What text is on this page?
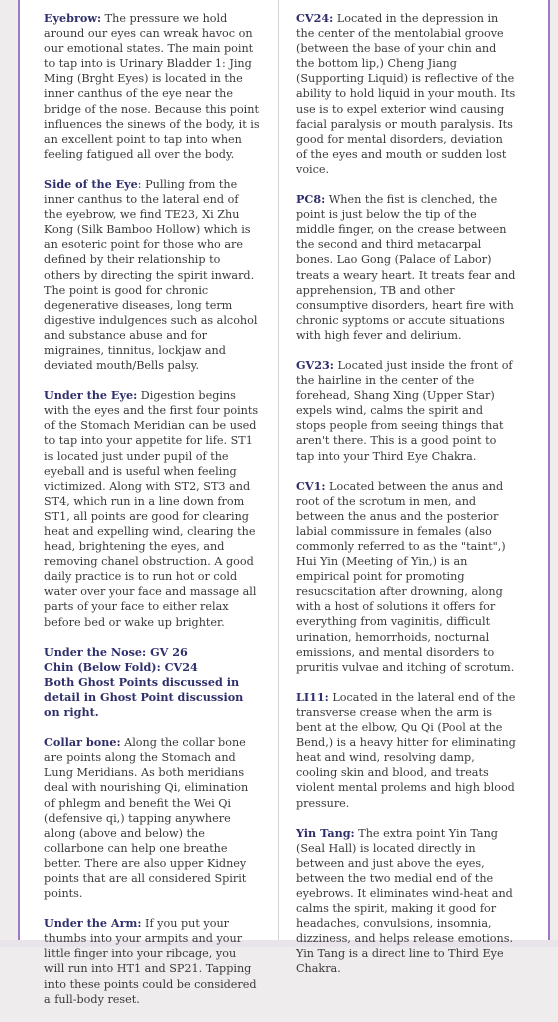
Eyebrow: The pressure we hold around our eyes can wreak havoc on our emotional states. The main point to tap into is Urinary Bladder 1: Jing Ming (Brght Eyes) is located in the inner canthus of the eye near the bridge of the nose. Because this point influences the sinews of the body, it is an excellent point to tap into when feeling fatigued all over the body.

Side of the Eye: Pulling from the inner canthus to the lateral end of the eyebrow, we find TE23, Xi Zhu Kong (Silk Bamboo Hollow) which is an esoteric point for those who are defined by their relationship to others by directing the spirit inward. The point is good for chronic degenerative diseases, long term digestive indulgences such as alcohol and substance abuse and for migraines, tinnitus, lockjaw and deviated mouth/Bells palsy.

Under the Eye: Digestion begins with the eyes and the first four points of the Stomach Meridian can be used to tap into your appetite for life. ST1 is located just under pupil of the eyeball and is useful when feeling victimized. Along with ST2, ST3 and ST4, which run in a line down from ST1, all points are good for clearing heat and expelling wind, clearing the head, brightening the eyes, and removing chanel obstruction. A good daily practice is to run hot or cold water over your face and massage all parts of your face to either relax before bed or wake up brighter.

Under the Nose: GV 26
Chin (Below Fold): CV24
Both Ghost Points discussed in detail in Ghost Point discussion on right.

Collar bone: Along the collar bone are points along the Stomach and Lung Meridians. As both meridians deal with nourishing Qi, elimination of phlegm and benefit the Wei Qi (defensive qi,) tapping anywhere along (above and below) the collarbone can help one breathe better. There are also upper Kidney points that are all considered Spirit points.

Under the Arm: If you put your thumbs into your armpits and your little finger into your ribcage, you will run into HT1 and SP21. Tapping into these points could be considered a full-body reset.

CV24: Located in the depression in the center of the mentolabial groove (between the base of your chin and the bottom lip,) Cheng Jiang (Supporting Liquid) is reflective of the ability to hold liquid in your mouth. Its use is to expel exterior wind causing facial paralysis or mouth paralysis. Its good for mental disorders, deviation of the eyes and mouth or sudden lost voice.

PC8: When the fist is clenched, the point is just below the tip of the middle finger, on the crease between the second and third metacarpal bones. Lao Gong (Palace of Labor) treats a weary heart. It treats fear and apprehension, TB and other consumptive disorders, heart fire with chronic syptoms or accute situations with high fever and delirium.

GV23: Located just inside the front of the hairline in the center of the forehead, Shang Xing (Upper Star) expels wind, calms the spirit and stops people from seeing things that aren't there. This is a good point to tap into your Third Eye Chakra.

CV1: Located between the anus and root of the scrotum in men, and between the anus and the posterior labial commissure in females (also commonly referred to as the "taint",) Hui Yin (Meeting of Yin,) is an empirical point for promoting resucscitation after drowning, along with a host of solutions it offers for everything from vaginitis, difficult urination, hemorrhoids, nocturnal emissions, and mental disorders to pruritis vulvae and itching of scrotum.

LI11: Located in the lateral end of the transverse crease when the arm is bent at the elbow, Qu Qi (Pool at the Bend,) is a heavy hitter for eliminating heat and wind, resolving damp, cooling skin and blood, and treats violent mental prolems and high blood pressure.

Yin Tang: The extra point Yin Tang (Seal Hall) is located directly in between and just above the eyes, between the two medial end of the eyebrows. It eliminates wind-heat and calms the spirit, making it good for headaches, convulsions, insomnia, dizziness, and helps release emotions. Yin Tang is a direct line to Third Eye Chakra.
